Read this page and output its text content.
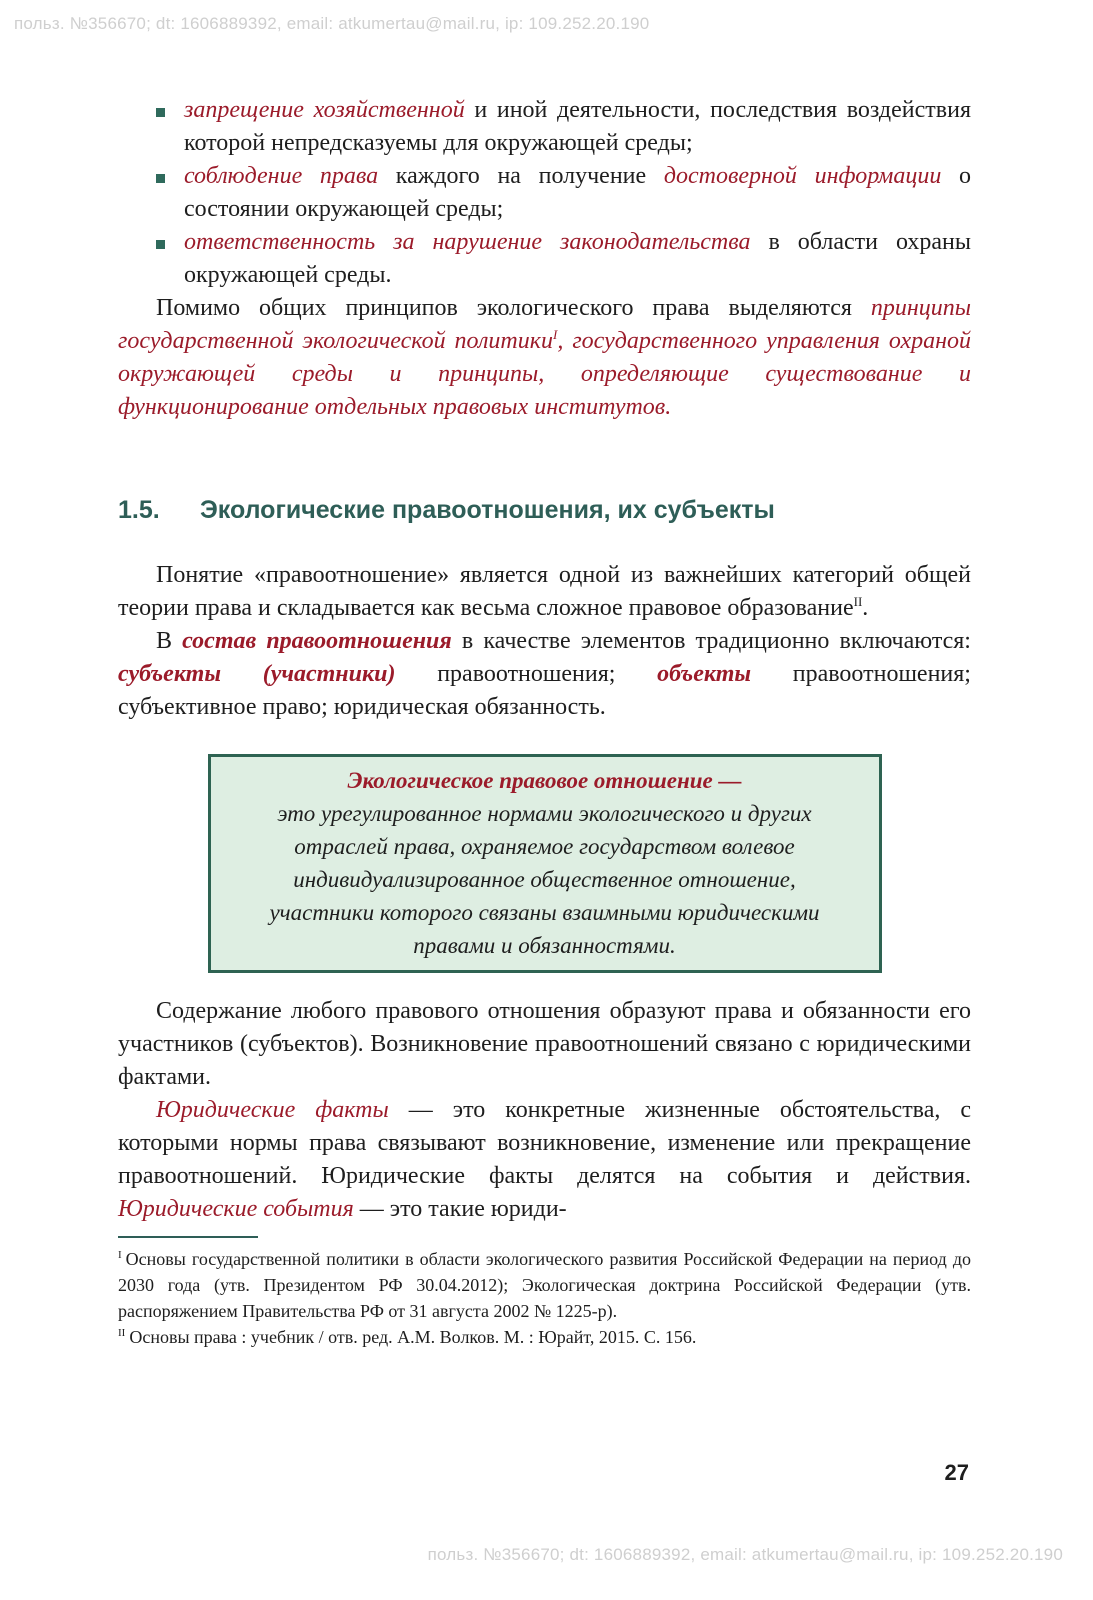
польз. №356670; dt: 1606889392, email: atkumertau@mail.ru, ip: 109.252.20.190
запрещение хозяйственной и иной деятельности, последствия воздействия которой непредсказуемы для окружающей среды;
соблюдение права каждого на получение достоверной информации о состоянии окружающей среды;
ответственность за нарушение законодательства в области охраны окружающей среды.

Помимо общих принципов экологического права выделяются принципы государственной экологической политики$^I$, государственного управления охраной окружающей среды и принципы, определяющие существование и функционирование отдельных правовых институтов.

1.5.	Экологические правоотношения, их субъекты

Понятие «правоотношение» является одной из важнейших категорий общей теории права и складывается как весьма сложное правовое образование$^{II}$.

В состав правоотношения в качестве элементов традиционно включаются: субъекты (участники) правоотношения; объекты правоотношения; субъективное право; юридическая обязанность.

Экологическое правовое отношение —
это урегулированное нормами экологического и других отраслей права, охраняемое государством волевое индивидуализированное общественное отношение, участники которого связаны взаимными юридическими правами и обязанностями.

Содержание любого правового отношения образуют права и обязанности его участников (субъектов). Возникновение правоотношений связано с юридическими фактами.

Юридические факты — это конкретные жизненные обстоятельства, с которыми нормы права связывают возникновение, изменение или прекращение правоотношений. Юридические факты делятся на события и действия. Юридические события — это такие юриди-

$^I$ Основы государственной политики в области экологического развития Российской Федерации на период до 2030 года (утв. Президентом РФ 30.04.2012); Экологическая доктрина Российской Федерации (утв. распоряжением Правительства РФ от 31 августа 2002 № 1225-р).

$^{II}$ Основы права : учебник / отв. ред. А.М. Волков. М. : Юрайт, 2015. С. 156.

27
польз. №356670; dt: 1606889392, email: atkumertau@mail.ru, ip: 109.252.20.190
